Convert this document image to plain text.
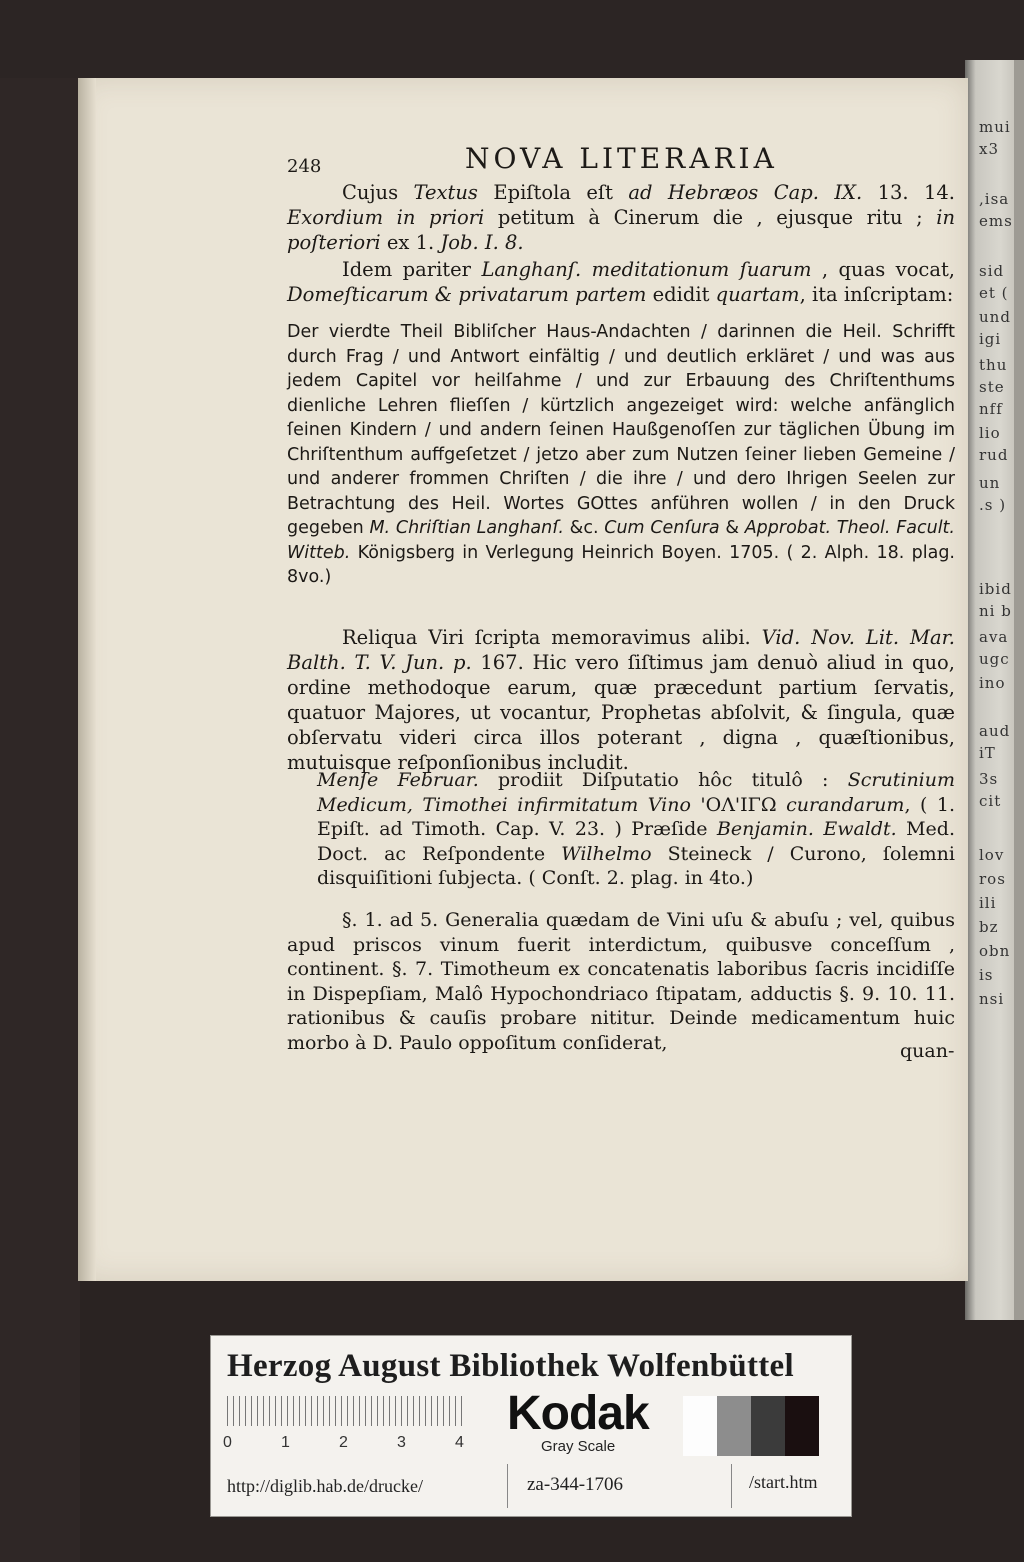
mui
x3
,isa
ems
sid
et (
und
igi
thu
ste
nff
lio
rud
un
.s )
ibid
ni b
ava
ugc
ino
aud
iT
3s
cit
lov
ros
ili
bz
obn
is
nsi
248	NOVA LITERARIA

Cujus Textus Epiſtola eſt ad Hebræos Cap. IX. 13. 14. Exordium in priori petitum à Cinerum die , ejusque ritu ; in poſteriori ex 1. Job. I. 8.

Idem pariter Langhanſ. meditationum ſuarum , quas vocat, Domeſticarum & privatarum partem edidit quartam, ita inſcriptam:

Der vierdte Theil Bibliſcher Haus-Andachten / darinnen die Heil. Schrifft durch Frag / und Antwort einfältig / und deutlich erkläret / und was aus jedem Capitel vor heilſahme / und zur Erbauung des Chriſtenthums dienliche Lehren flieſſen / kürtzlich angezeiget wird: welche anfänglich ſeinen Kindern / und andern ſeinen Haußgenoſſen zur täglichen Übung im Chriſtenthum auffgeſetzet / jetzo aber zum Nutzen ſeiner lieben Gemeine / und anderer frommen Chriſten / die ihre / und dero Ihrigen Seelen zur Betrachtung des Heil. Wortes GOttes anführen wollen / in den Druck gegeben M. Chriſtian Langhanſ. &c. Cum Cenſura & Approbat. Theol. Facult. Witteb. Königsberg in Verlegung Heinrich Boyen. 1705. ( 2. Alph. 18. plag. 8vo.)

Reliqua Viri ſcripta memoravimus alibi. Vid. Nov. Lit. Mar. Balth. T. V. Jun. p. 167. Hic vero ſiſtimus jam denuò aliud in quo, ordine methodoque earum, quæ præcedunt partium ſervatis, quatuor Majores, ut vocantur, Prophetas abſolvit, & ſingula, quæ obſervatu videri circa illos poterant , digna , quæſtionibus, mutuisque reſponſionibus includit.

Menſe Februar. prodiit Diſputatio hôc titulô : Scrutinium Medicum, Timothei infirmitatum Vino 'ΟΛ'ΙΓΩ curandarum, ( 1. Epiſt. ad Timoth. Cap. V. 23. ) Præſide Benjamin. Ewaldt. Med. Doct. ac Reſpondente Wilhelmo Steineck / Curono, ſolemni disquiſitioni ſubjecta. ( Conſt. 2. plag. in 4to.)

§. 1. ad 5. Generalia quædam de Vini uſu & abuſu ; vel, quibus apud priscos vinum fuerit interdictum, quibusve conceſſum , continent. §. 7. Timotheum ex concatenatis laboribus ſacris incidiſſe in Dispepſiam, Malô Hypochondriaco ſtipatam, adductis §. 9. 10. 11. rationibus & cauſis probare nititur. Deinde medicamentum huic morbo à D. Paulo oppoſitum conſiderat,	quan-
Herzog August Bibliothek Wolfenbüttel
0	1	2	3	4
Kodak
Gray Scale
http://diglib.hab.de/drucke/	za-344-1706	/start.htm
